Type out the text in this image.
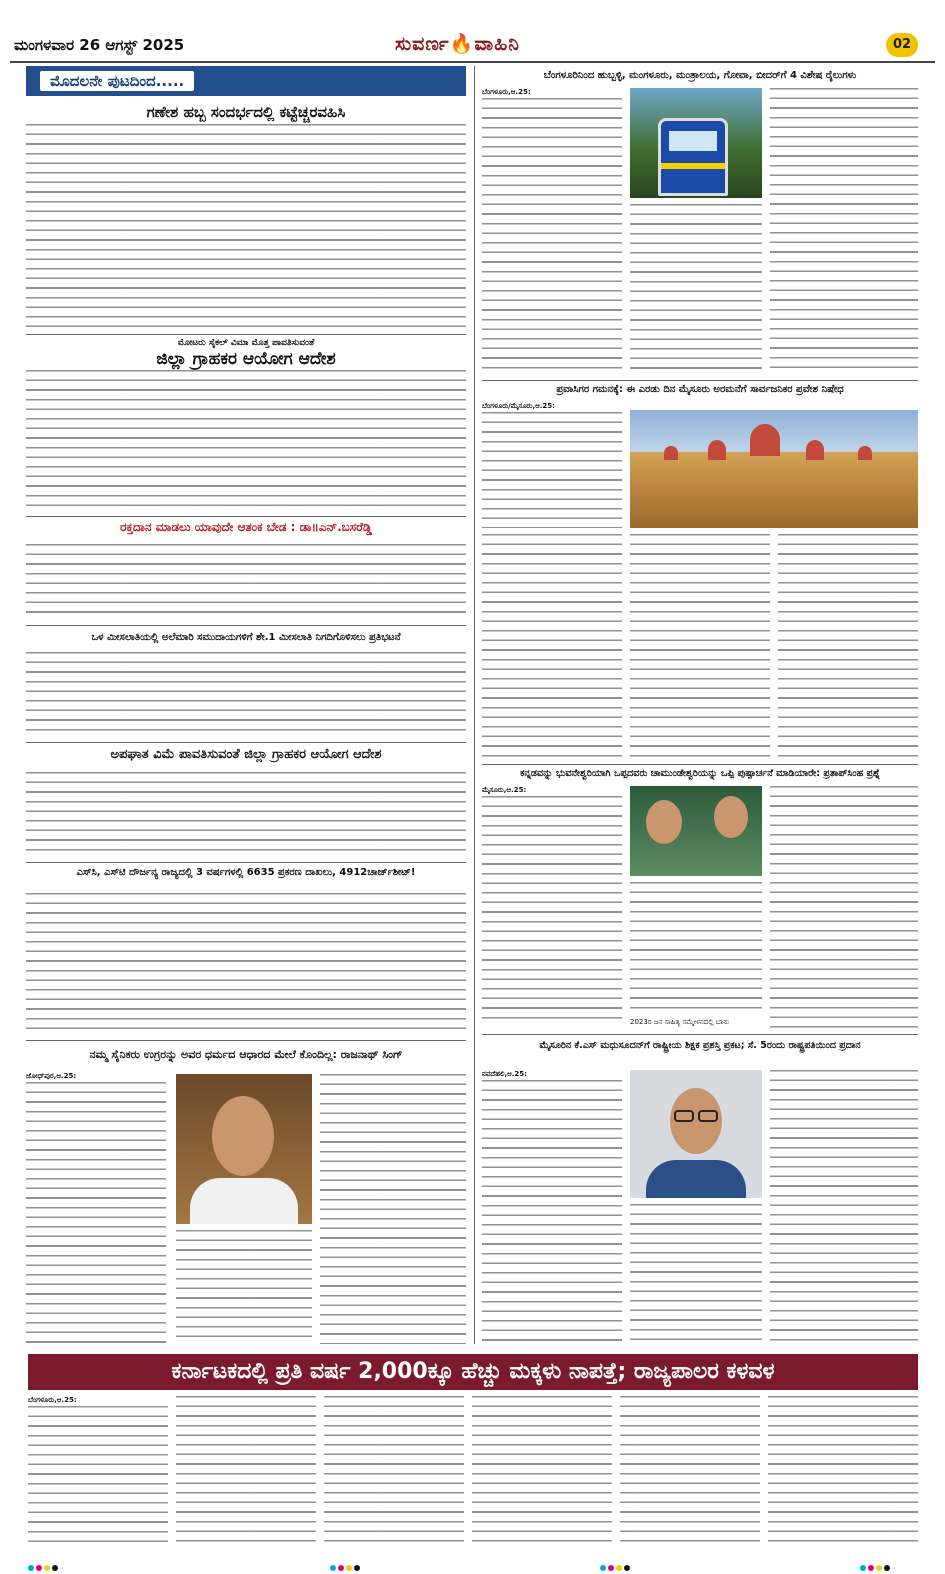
ಮಂಗಳವಾರ 26 ಆಗಸ್ಟ್ 2025	ಸುವರ್ಣ🔥ವಾಹಿನಿ	02
ಮೊದಲನೇ ಪುಟದಿಂದ.....
ಗಣೇಶ ಹಬ್ಬ ಸಂದರ್ಭದಲ್ಲಿ ಕಟ್ಟೆಚ್ಚರವಹಿಸಿ
ಮೋಟರು ಸೈಕಲ್ ವಿಮಾ ಮೊತ್ತ ಪಾವತಿಸುವಂತೆ
ಜಿಲ್ಲಾ ಗ್ರಾಹಕರ ಆಯೋಗ ಆದೇಶ
ರಕ್ತದಾನ ಮಾಡಲು ಯಾವುದೇ ಆತಂಕ ಬೇಡ : ಡಾ॥ಎನ್.ಬಸರೆಡ್ಡಿ
ಒಳ ಮೀಸಲಾತಿಯಲ್ಲಿ ಅಲೆಮಾರಿ ಸಮುದಾಯಗಳಿಗೆ ಶೇ.1 ಮೀಸಲಾತಿ ನಿಗದಿಗೊಳಿಸಲು ಪ್ರತಿಭಟನೆ
ಅಪಘಾತ ವಿಮೆ ಪಾವತಿಸುವಂತೆ ಜಿಲ್ಲಾ ಗ್ರಾಹಕರ ಆಯೋಗ ಆದೇಶ
ಎಸ್‌ಸಿ, ಎಸ್‌ಟಿ ದೌರ್ಜನ್ಯ ರಾಜ್ಯದಲ್ಲಿ 3 ವರ್ಷಗಳಲ್ಲಿ 6635 ಪ್ರಕರಣ ದಾಖಲು, 4912ಚಾರ್ಜ್‌ಶೀಟ್!
ನಮ್ಮ ಸೈನಿಕರು ಉಗ್ರರನ್ನು ಅವರ ಧರ್ಮದ ಆಧಾರದ ಮೇಲೆ ಕೊಂದಿಲ್ಲ: ರಾಜನಾಥ್ ಸಿಂಗ್
ಜೋಧ್‌ಪುರ,ಆ.25:
ಬೆಂಗಳೂರಿನಿಂದ ಹುಬ್ಬಳ್ಳಿ, ಮಂಗಳೂರು, ಮಂತ್ರಾಲಯ, ಗೋವಾ, ಬೀದರ್‌ಗೆ 4 ವಿಶೇಷ ರೈಲುಗಳು
ಬೆಂಗಳೂರು,ಆ.25:
ಪ್ರವಾಸಿಗರ ಗಮನಕ್ಕೆ: ಈ ಎರಡು ದಿನ ಮೈಸೂರು ಅರಮನೆಗೆ ಸಾರ್ವಜನಿಕರ ಪ್ರವೇಶ ನಿಷೇಧ
ಬೆಂಗಳೂರು/ಮೈಸೂರು,ಆ.25:
ಕನ್ನಡವನ್ನು ಭುವನೇಶ್ವರಿಯಾಗಿ ಒಪ್ಪದವರು ಚಾಮುಂಡೇಶ್ವರಿಯನ್ನು ಒಪ್ಪಿ ಪುಷ್ಪಾರ್ಚನೆ ಮಾಡಿಯಾರೇ: ಪ್ರತಾಪ್‌ಸಿಂಹ ಪ್ರಶ್ನೆ
ಮೈಸೂರು,ಆ.25:
2023ರ ಜನ ಸಾಹಿತ್ಯ ಸಮ್ಮೇಳನದಲ್ಲಿ ಬಾನು
ಮೈಸೂರಿನ ಕೆ.ಎಸ್ ಮಧುಸೂದನ್‌ಗೆ ರಾಷ್ಟ್ರೀಯ ಶಿಕ್ಷಕ ಪ್ರಶಸ್ತಿ ಪ್ರಕಟ; ಸೆ. 5ರಂದು ರಾಷ್ಟ್ರಪತಿಯಿಂದ ಪ್ರದಾನ
ನವದೆಹಲಿ,ಆ.25:
ಕರ್ನಾಟಕದಲ್ಲಿ ಪ್ರತಿ ವರ್ಷ 2,000ಕ್ಕೂ ಹೆಚ್ಚು ಮಕ್ಕಳು ನಾಪತ್ತೆ; ರಾಜ್ಯಪಾಲರ ಕಳವಳ
ಬೆಂಗಳೂರು,ಆ.25:
